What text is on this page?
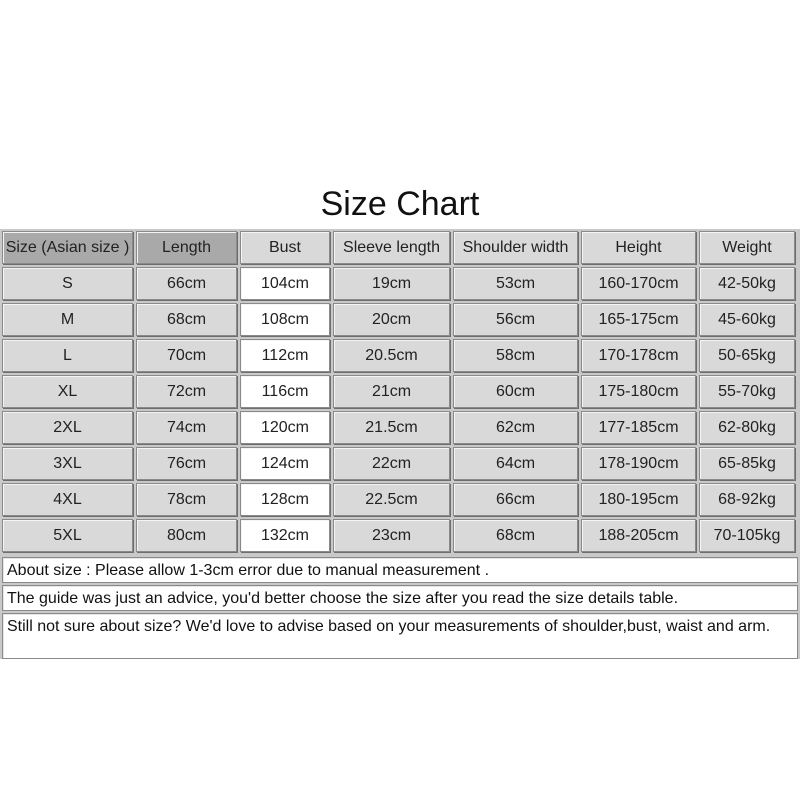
Size Chart
Size (Asian size )	Length	Bust	Sleeve length	Shoulder width	Height	Weight
S	66cm	104cm	19cm	53cm	160-170cm	42-50kg
M	68cm	108cm	20cm	56cm	165-175cm	45-60kg
L	70cm	112cm	20.5cm	58cm	170-178cm	50-65kg
XL	72cm	116cm	21cm	60cm	175-180cm	55-70kg
2XL	74cm	120cm	21.5cm	62cm	177-185cm	62-80kg
3XL	76cm	124cm	22cm	64cm	178-190cm	65-85kg
4XL	78cm	128cm	22.5cm	66cm	180-195cm	68-92kg
5XL	80cm	132cm	23cm	68cm	188-205cm	70-105kg
About size : Please allow 1-3cm error due to manual measurement .
The guide was just an advice, you'd better choose the size after you read the size details table.
Still not sure about size? We'd love to advise based on your measurements of shoulder,bust, waist and arm.
